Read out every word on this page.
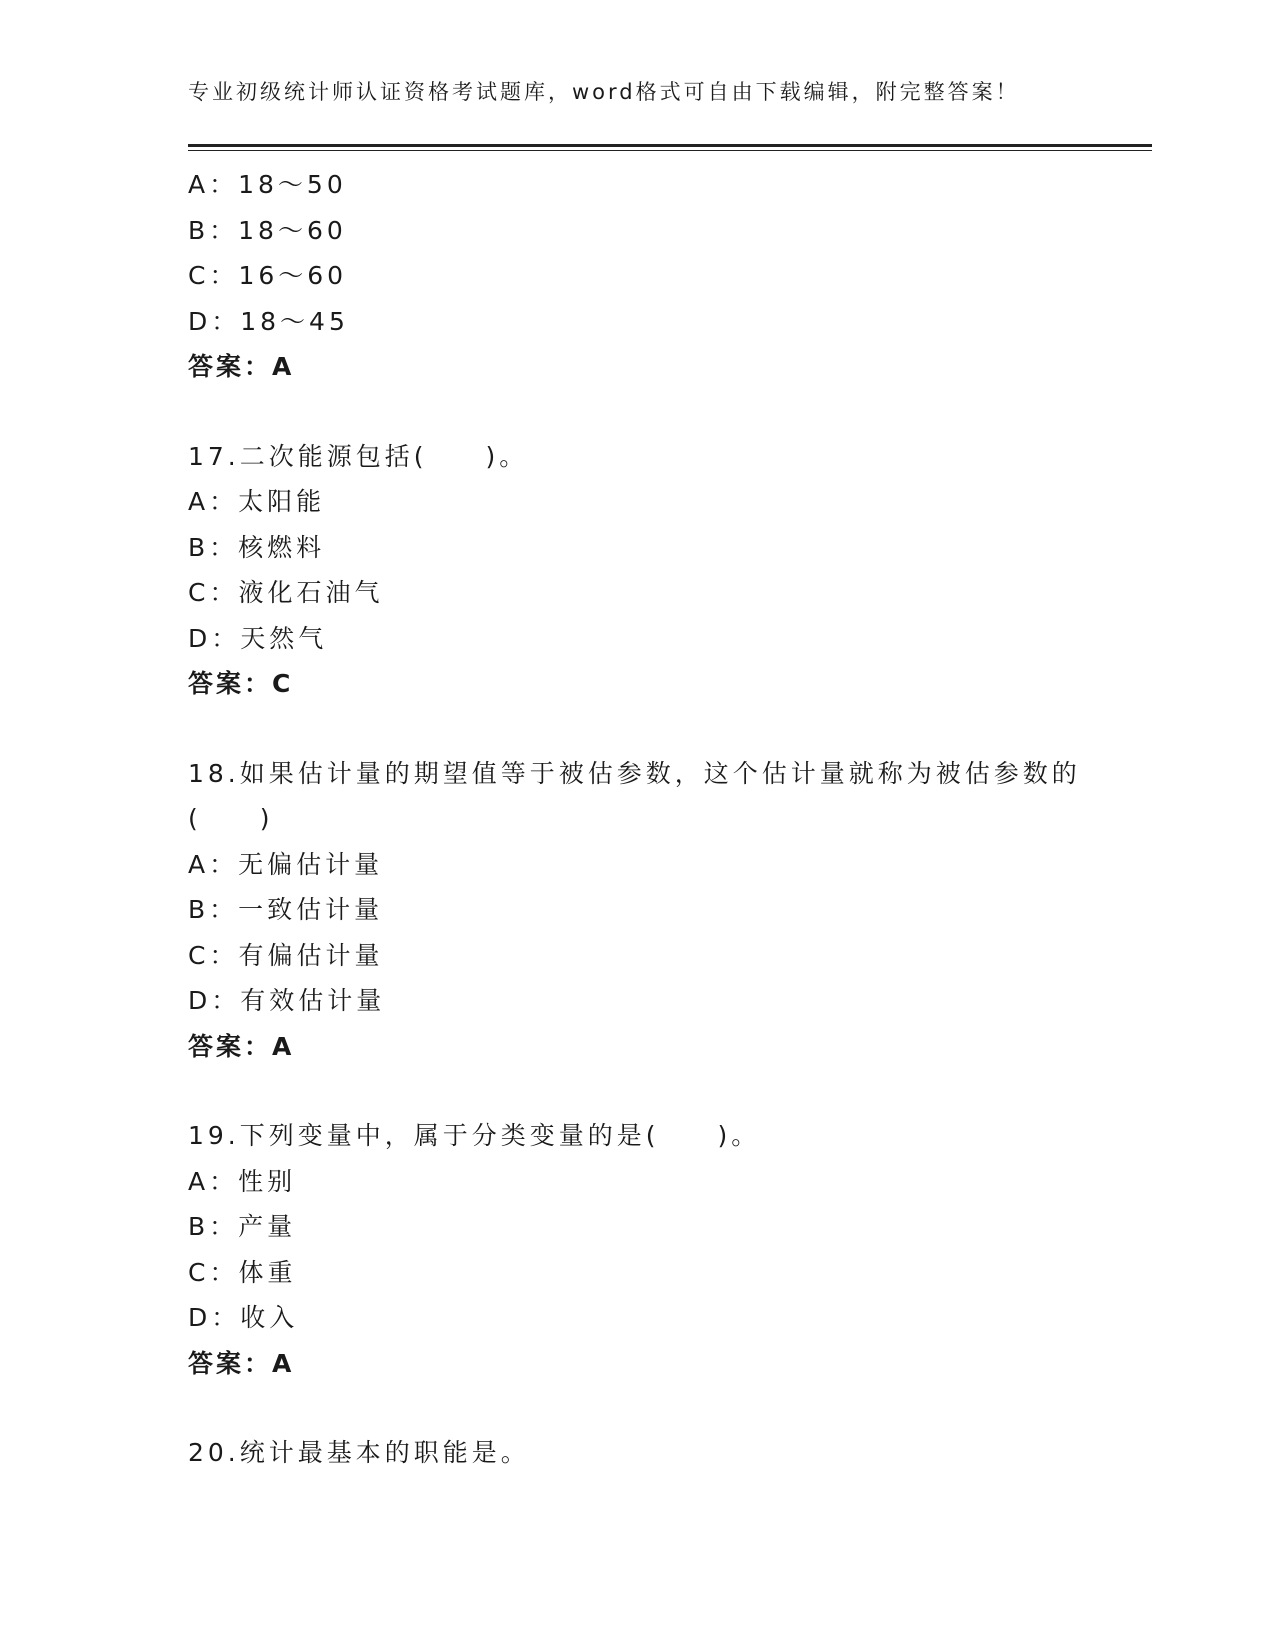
专业初级统计师认证资格考试题库，word格式可自由下载编辑，附完整答案！
A：18～50
B：18～60
C：16～60
D：18～45
答案：A
17.二次能源包括(　　)。
A：太阳能
B：核燃料
C：液化石油气
D：天然气
答案：C
18.如果估计量的期望值等于被估参数，这个估计量就称为被估参数的
(　　)
A：无偏估计量
B：一致估计量
C：有偏估计量
D：有效估计量
答案：A
19.下列变量中，属于分类变量的是(　　)。
A：性别
B：产量
C：体重
D：收入
答案：A
20.统计最基本的职能是。
